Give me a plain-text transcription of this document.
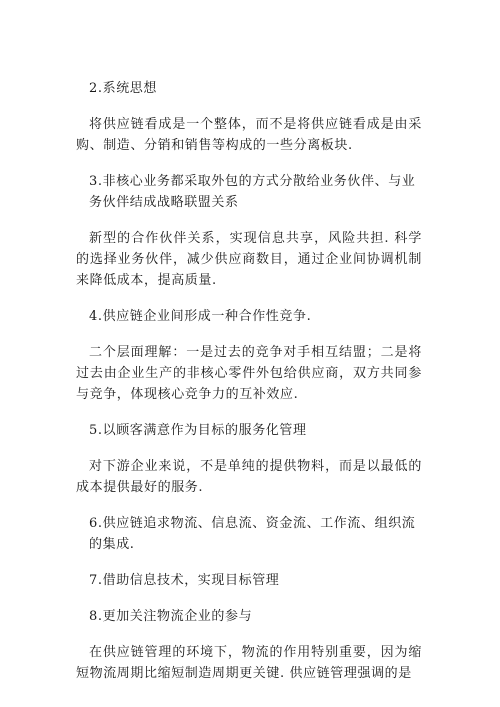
2.系统思想

将供应链看成是一个整体，而不是将供应链看成是由采购、制造、分销和销售等构成的一些分离板块.

3.非核心业务都采取外包的方式分散给业务伙伴、与业务伙伴结成战略联盟关系

新型的合作伙伴关系，实现信息共享，风险共担. 科学的选择业务伙伴，减少供应商数目，通过企业间协调机制来降低成本，提高质量.

4.供应链企业间形成一种合作性竞争.

二个层面理解：一是过去的竞争对手相互结盟；二是将过去由企业生产的非核心零件外包给供应商，双方共同参与竞争，体现核心竞争力的互补效应.

5.以顾客满意作为目标的服务化管理

对下游企业来说，不是单纯的提供物料，而是以最低的成本提供最好的服务.

6.供应链追求物流、信息流、资金流、工作流、组织流的集成.

7.借助信息技术，实现目标管理

8.更加关注物流企业的参与

在供应链管理的环境下，物流的作用特别重要，因为缩短物流周期比缩短制造周期更关键. 供应链管理强调的是
